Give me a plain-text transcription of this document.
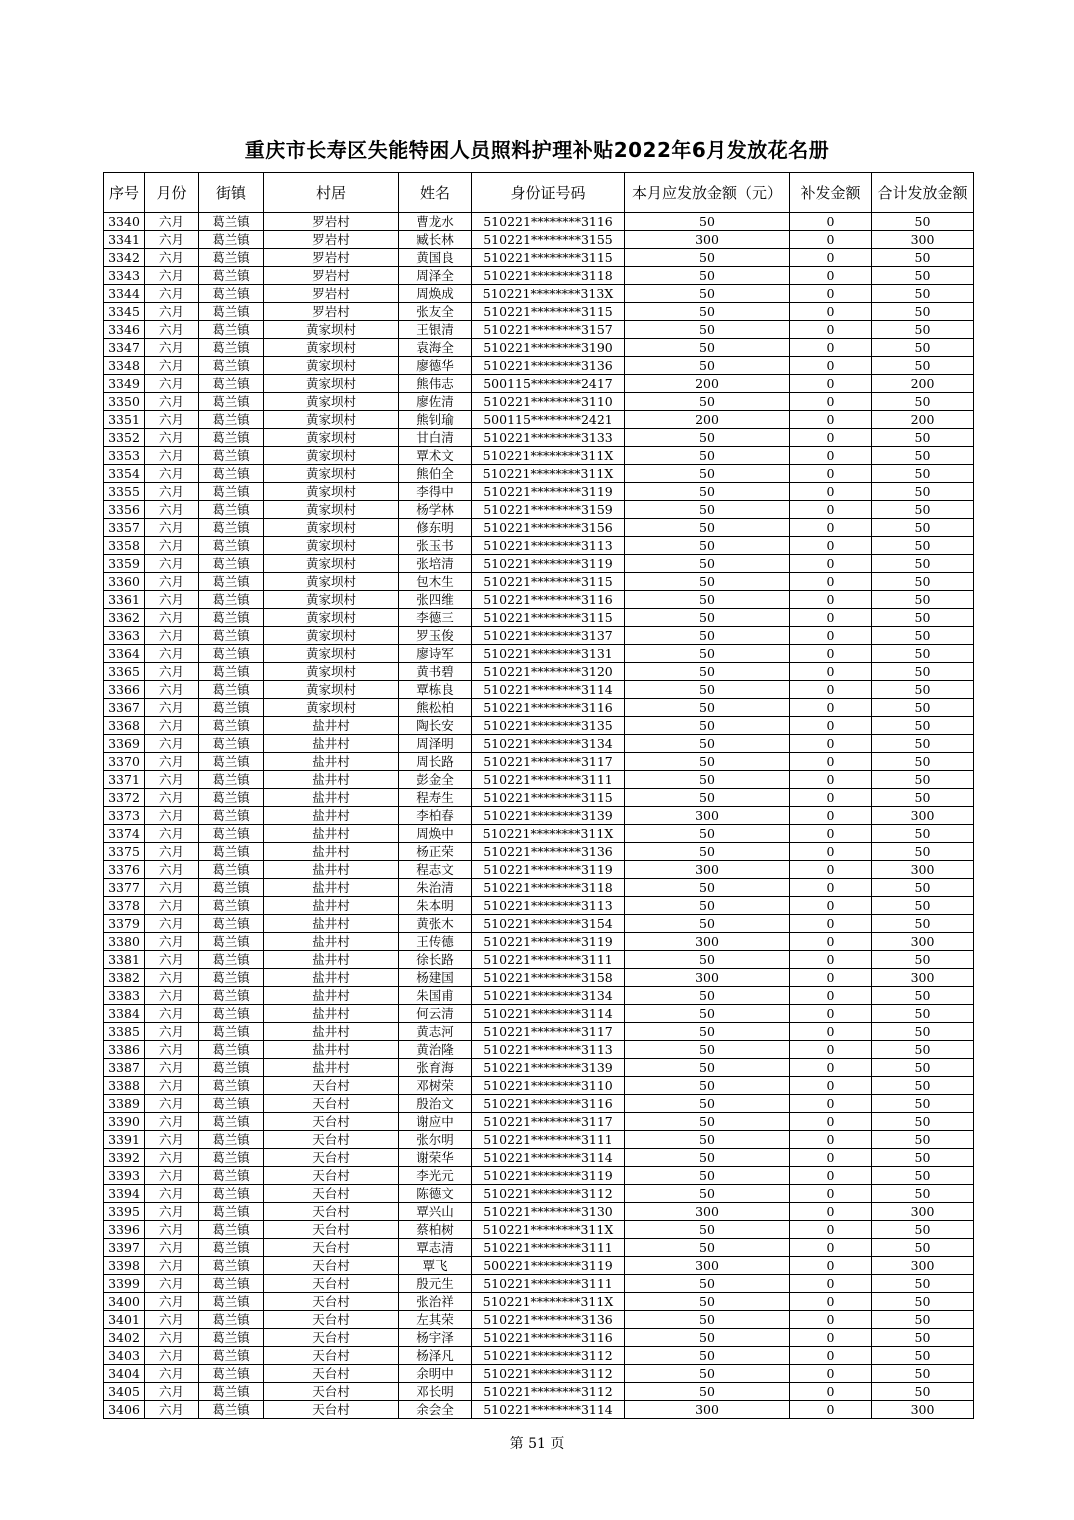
重庆市长寿区失能特困人员照料护理补贴2022年6月发放花名册
序号	月份	街镇	村居	姓名	身份证号码	本月应发放金额（元）	补发金额	合计发放金额
3340	六月	葛兰镇	罗岩村	曹龙水	510221********3116	50	0	50
3341	六月	葛兰镇	罗岩村	臧长林	510221********3155	300	0	300
3342	六月	葛兰镇	罗岩村	黄国良	510221********3115	50	0	50
3343	六月	葛兰镇	罗岩村	周泽全	510221********3118	50	0	50
3344	六月	葛兰镇	罗岩村	周焕成	510221********313X	50	0	50
3345	六月	葛兰镇	罗岩村	张友全	510221********3115	50	0	50
3346	六月	葛兰镇	黄家坝村	王银清	510221********3157	50	0	50
3347	六月	葛兰镇	黄家坝村	袁海全	510221********3190	50	0	50
3348	六月	葛兰镇	黄家坝村	廖德华	510221********3136	50	0	50
3349	六月	葛兰镇	黄家坝村	熊伟志	500115********2417	200	0	200
3350	六月	葛兰镇	黄家坝村	廖佐清	510221********3110	50	0	50
3351	六月	葛兰镇	黄家坝村	熊钊瑜	500115********2421	200	0	200
3352	六月	葛兰镇	黄家坝村	甘白清	510221********3133	50	0	50
3353	六月	葛兰镇	黄家坝村	覃术文	510221********311X	50	0	50
3354	六月	葛兰镇	黄家坝村	熊伯全	510221********311X	50	0	50
3355	六月	葛兰镇	黄家坝村	李得中	510221********3119	50	0	50
3356	六月	葛兰镇	黄家坝村	杨学林	510221********3159	50	0	50
3357	六月	葛兰镇	黄家坝村	修东明	510221********3156	50	0	50
3358	六月	葛兰镇	黄家坝村	张玉书	510221********3113	50	0	50
3359	六月	葛兰镇	黄家坝村	张培清	510221********3119	50	0	50
3360	六月	葛兰镇	黄家坝村	包木生	510221********3115	50	0	50
3361	六月	葛兰镇	黄家坝村	张四维	510221********3116	50	0	50
3362	六月	葛兰镇	黄家坝村	李德三	510221********3115	50	0	50
3363	六月	葛兰镇	黄家坝村	罗玉俊	510221********3137	50	0	50
3364	六月	葛兰镇	黄家坝村	廖诗军	510221********3131	50	0	50
3365	六月	葛兰镇	黄家坝村	黄书碧	510221********3120	50	0	50
3366	六月	葛兰镇	黄家坝村	覃栋良	510221********3114	50	0	50
3367	六月	葛兰镇	黄家坝村	熊松柏	510221********3116	50	0	50
3368	六月	葛兰镇	盐井村	陶长安	510221********3135	50	0	50
3369	六月	葛兰镇	盐井村	周泽明	510221********3134	50	0	50
3370	六月	葛兰镇	盐井村	周长路	510221********3117	50	0	50
3371	六月	葛兰镇	盐井村	彭金全	510221********3111	50	0	50
3372	六月	葛兰镇	盐井村	程寿生	510221********3115	50	0	50
3373	六月	葛兰镇	盐井村	李柏春	510221********3139	300	0	300
3374	六月	葛兰镇	盐井村	周焕中	510221********311X	50	0	50
3375	六月	葛兰镇	盐井村	杨正荣	510221********3136	50	0	50
3376	六月	葛兰镇	盐井村	程志文	510221********3119	300	0	300
3377	六月	葛兰镇	盐井村	朱治清	510221********3118	50	0	50
3378	六月	葛兰镇	盐井村	朱本明	510221********3113	50	0	50
3379	六月	葛兰镇	盐井村	黄张木	510221********3154	50	0	50
3380	六月	葛兰镇	盐井村	王传德	510221********3119	300	0	300
3381	六月	葛兰镇	盐井村	徐长路	510221********3111	50	0	50
3382	六月	葛兰镇	盐井村	杨建国	510221********3158	300	0	300
3383	六月	葛兰镇	盐井村	朱国甫	510221********3134	50	0	50
3384	六月	葛兰镇	盐井村	何云清	510221********3114	50	0	50
3385	六月	葛兰镇	盐井村	黄志河	510221********3117	50	0	50
3386	六月	葛兰镇	盐井村	黄治隆	510221********3113	50	0	50
3387	六月	葛兰镇	盐井村	张育海	510221********3139	50	0	50
3388	六月	葛兰镇	天台村	邓树荣	510221********3110	50	0	50
3389	六月	葛兰镇	天台村	殷治文	510221********3116	50	0	50
3390	六月	葛兰镇	天台村	谢应中	510221********3117	50	0	50
3391	六月	葛兰镇	天台村	张尔明	510221********3111	50	0	50
3392	六月	葛兰镇	天台村	谢荣华	510221********3114	50	0	50
3393	六月	葛兰镇	天台村	李光元	510221********3119	50	0	50
3394	六月	葛兰镇	天台村	陈德文	510221********3112	50	0	50
3395	六月	葛兰镇	天台村	覃兴山	510221********3130	300	0	300
3396	六月	葛兰镇	天台村	蔡柏树	510221********311X	50	0	50
3397	六月	葛兰镇	天台村	覃志清	510221********3111	50	0	50
3398	六月	葛兰镇	天台村	覃飞	500221********3119	300	0	300
3399	六月	葛兰镇	天台村	殷元生	510221********3111	50	0	50
3400	六月	葛兰镇	天台村	张治祥	510221********311X	50	0	50
3401	六月	葛兰镇	天台村	左其荣	510221********3136	50	0	50
3402	六月	葛兰镇	天台村	杨宇泽	510221********3116	50	0	50
3403	六月	葛兰镇	天台村	杨泽凡	510221********3112	50	0	50
3404	六月	葛兰镇	天台村	余明中	510221********3112	50	0	50
3405	六月	葛兰镇	天台村	邓长明	510221********3112	50	0	50
3406	六月	葛兰镇	天台村	余会全	510221********3114	300	0	300
第 51 页
